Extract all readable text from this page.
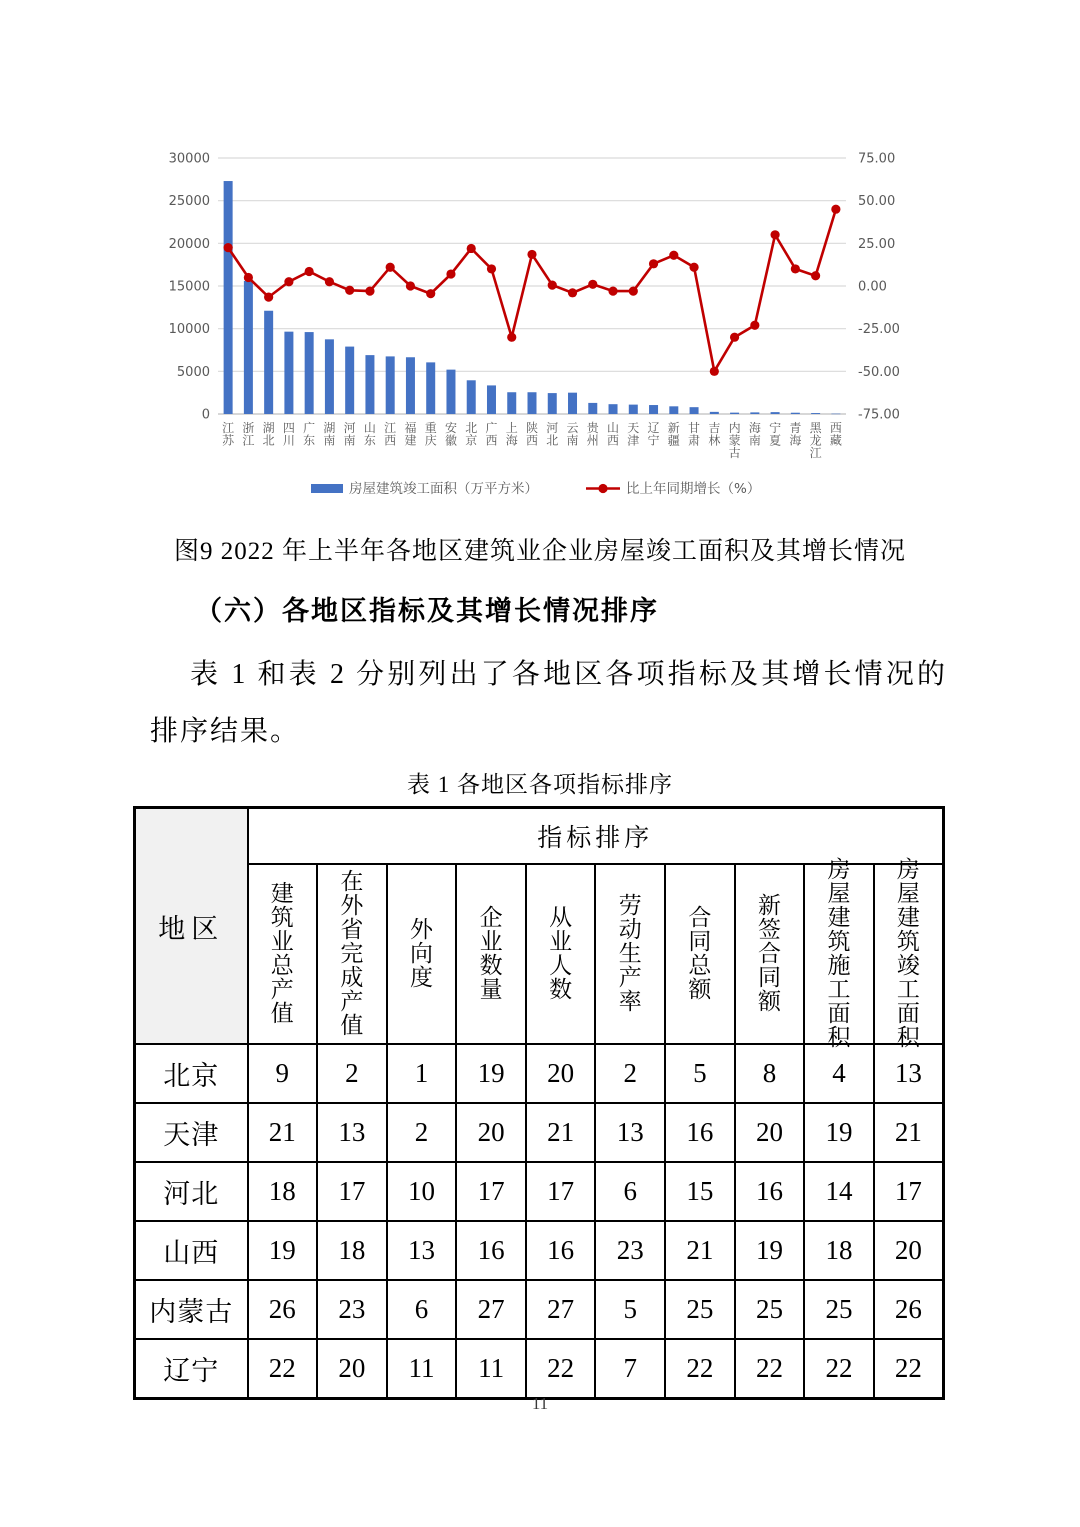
0
5000
10000
15000
20000
25000
30000
-75.00
-50.00
-25.00
0.00
25.00
50.00
75.00
江苏
浙江
湖北
四川
广东
湖南
河南
山东
江西
福建
重庆
安徽
北京
广西
上海
陕西
河北
云南
贵州
山西
天津
辽宁
新疆
甘肃
吉林
内蒙古
海南
宁夏
青海
黑龙江
西藏
房屋建筑竣工面积（万平方米）	比上年同期增长（%）
图9 2022 年上半年各地区建筑业企业房屋竣工面积及其增长情况
（六）各地区指标及其增长情况排序
表 1 和表 2 分别列出了各地区各项指标及其增长情况的排序结果。
表 1 各地区各项指标排序
地区	指标排序									

建
筑
业
总
产
值

在
外
省
完
成
产
值

外
向
度

企
业
数
量

从
业
人
数

劳
动
生
产
率

合
同
总
额

新
签
合
同
额

房
屋
建
筑
施
工
面
积

房
屋
建
筑
竣
工
面
积

北京	9	2	1	19	20	2	5	8	4	13
天津	21	13	2	20	21	13	16	20	19	21
河北	18	17	10	17	17	6	15	16	14	17
山西	19	18	13	16	16	23	21	19	18	20
内蒙古	26	23	6	27	27	5	25	25	25	26
辽宁	22	20	11	11	22	7	22	22	22	22
11
